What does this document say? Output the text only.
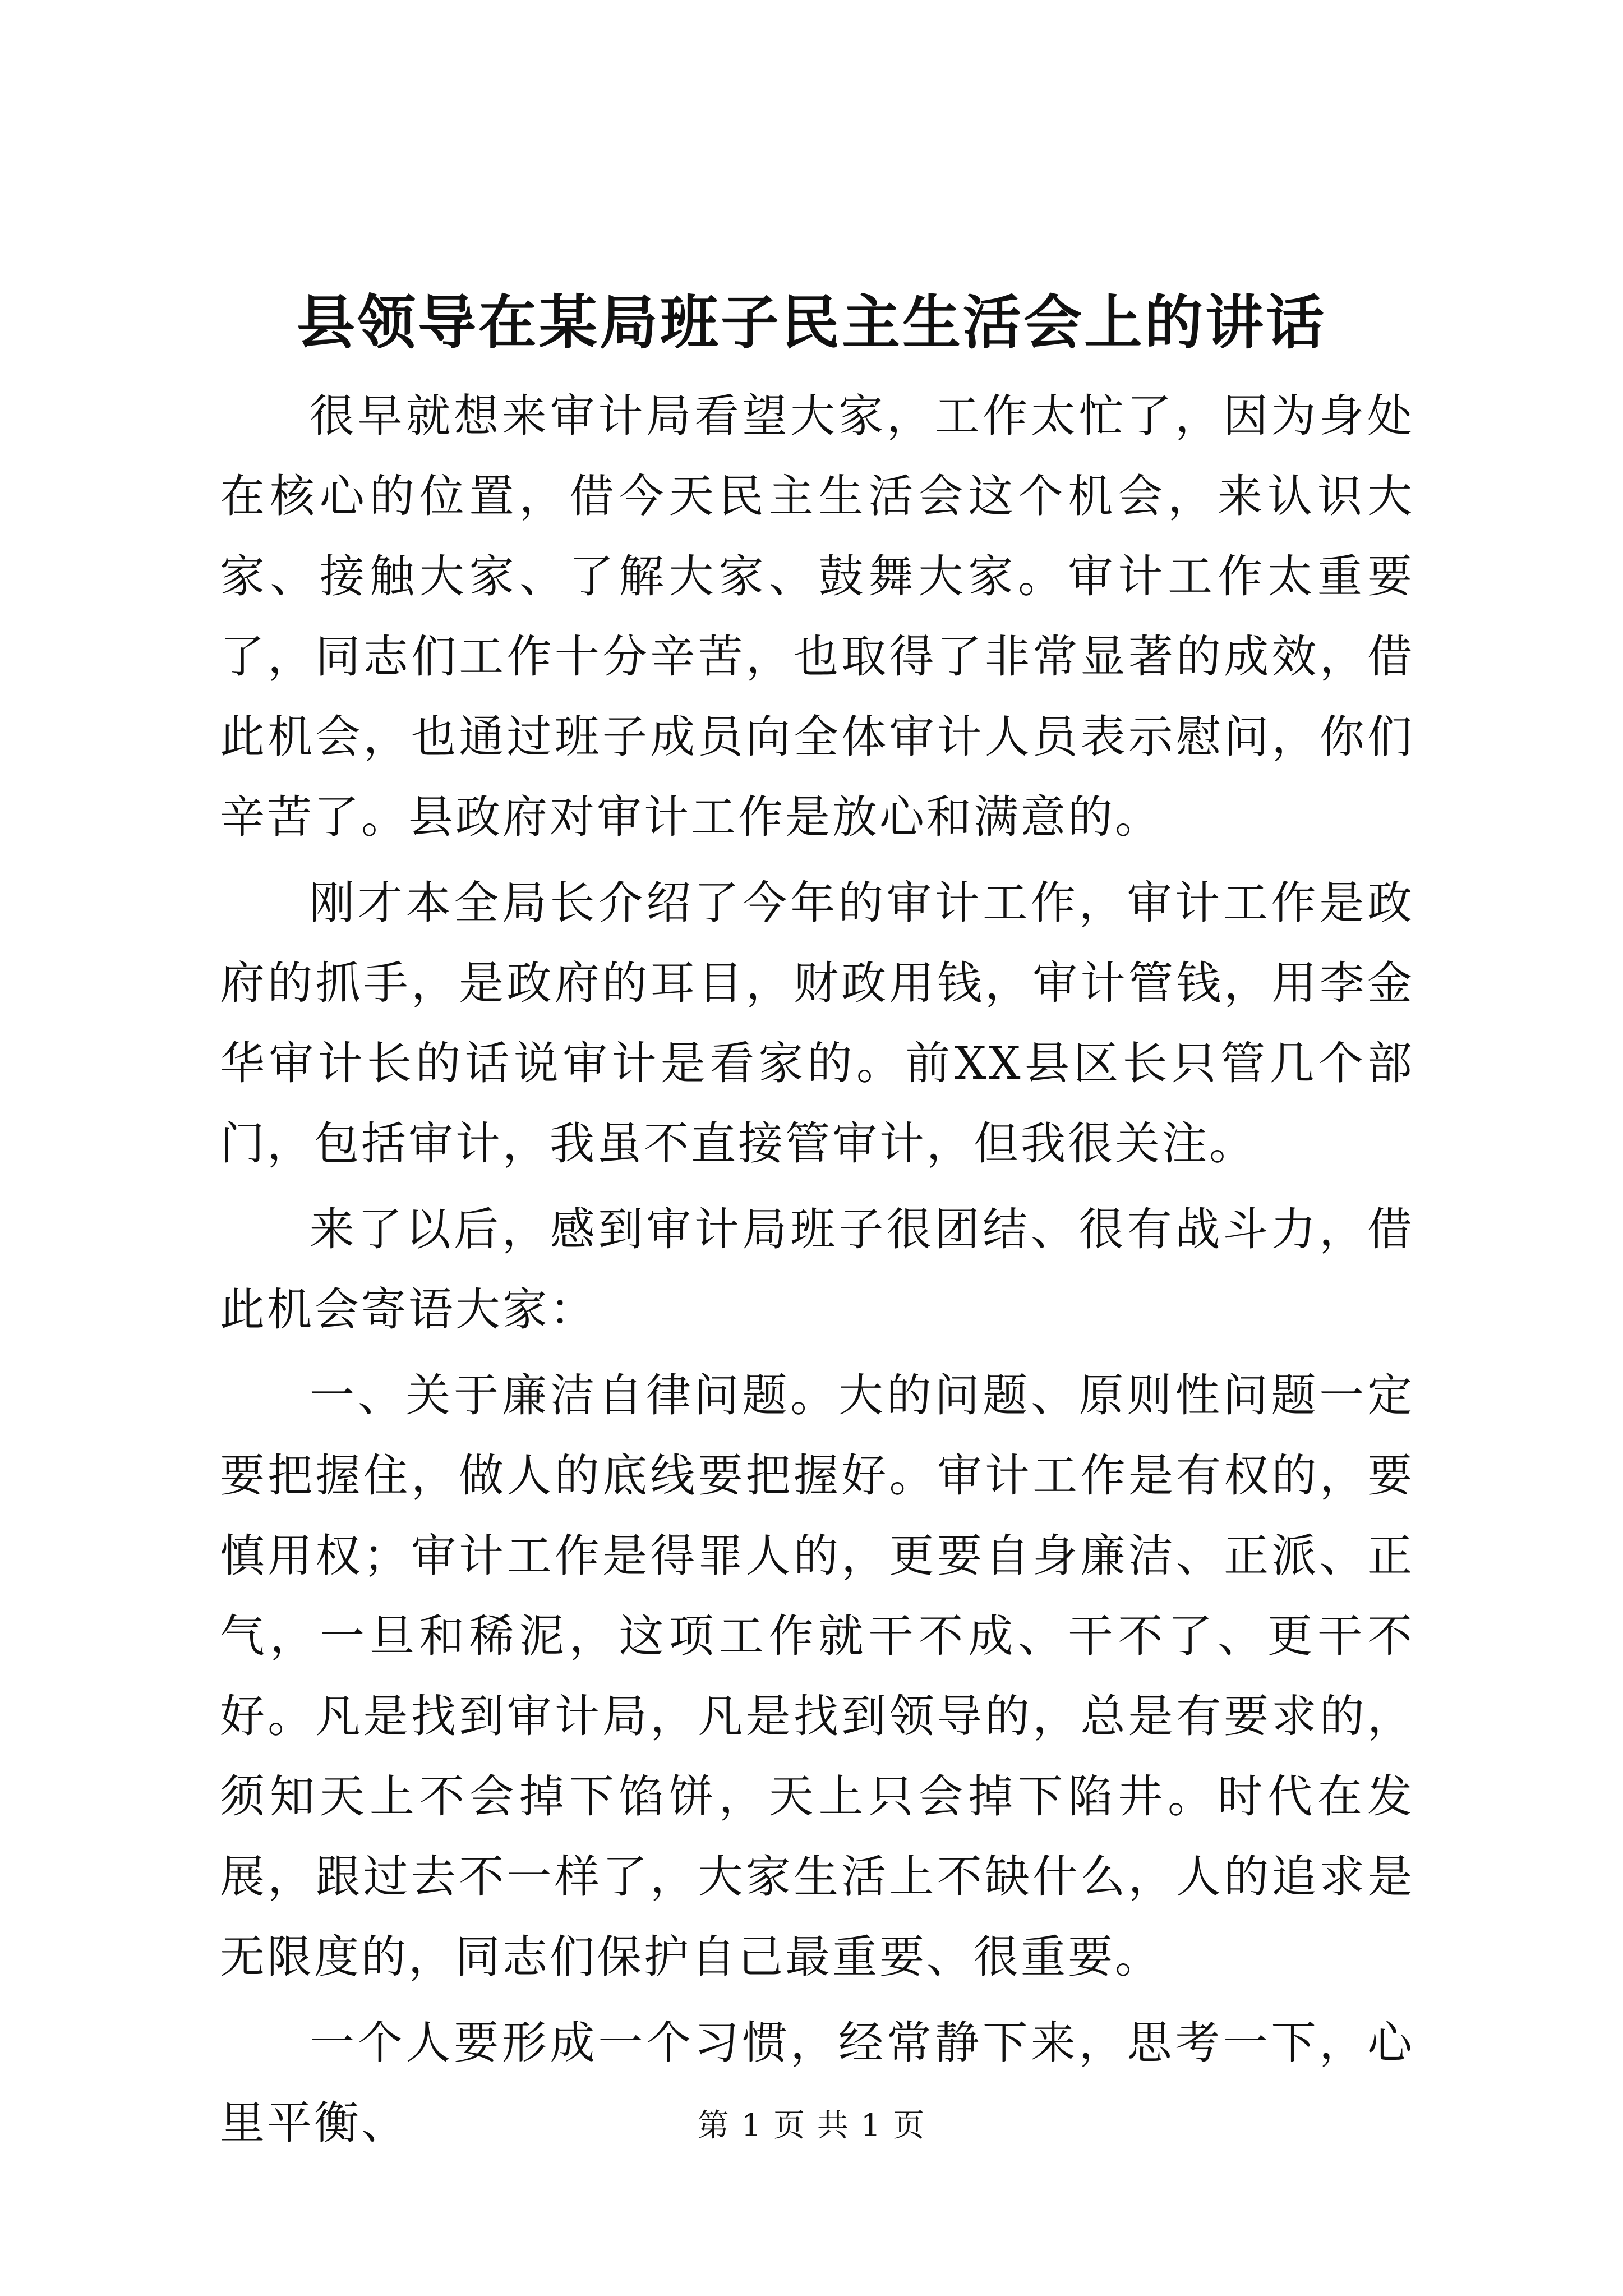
县领导在某局班子民主生活会上的讲话

很早就想来审计局看望大家，工作太忙了，因为身处在核心的位置，借今天民主生活会这个机会，来认识大家、接触大家、了解大家、鼓舞大家。审计工作太重要了，同志们工作十分辛苦，也取得了非常显著的成效，借此机会，也通过班子成员向全体审计人员表示慰问，你们辛苦了。县政府对审计工作是放心和满意的。

刚才本全局长介绍了今年的审计工作，审计工作是政府的抓手，是政府的耳目，财政用钱，审计管钱，用李金华审计长的话说审计是看家的。前XX县区长只管几个部门，包括审计，我虽不直接管审计，但我很关注。

来了以后，感到审计局班子很团结、很有战斗力，借此机会寄语大家：

一、关于廉洁自律问题。大的问题、原则性问题一定要把握住，做人的底线要把握好。审计工作是有权的，要慎用权；审计工作是得罪人的，更要自身廉洁、正派、正气，一旦和稀泥，这项工作就干不成、干不了、更干不好。凡是找到审计局，凡是找到领导的，总是有要求的，须知天上不会掉下馅饼，天上只会掉下陷井。时代在发展，跟过去不一样了，大家生活上不缺什么，人的追求是无限度的，同志们保护自己最重要、很重要。

一个人要形成一个习惯，经常静下来，思考一下，心里平衡、	第 1 页 共 1 页
